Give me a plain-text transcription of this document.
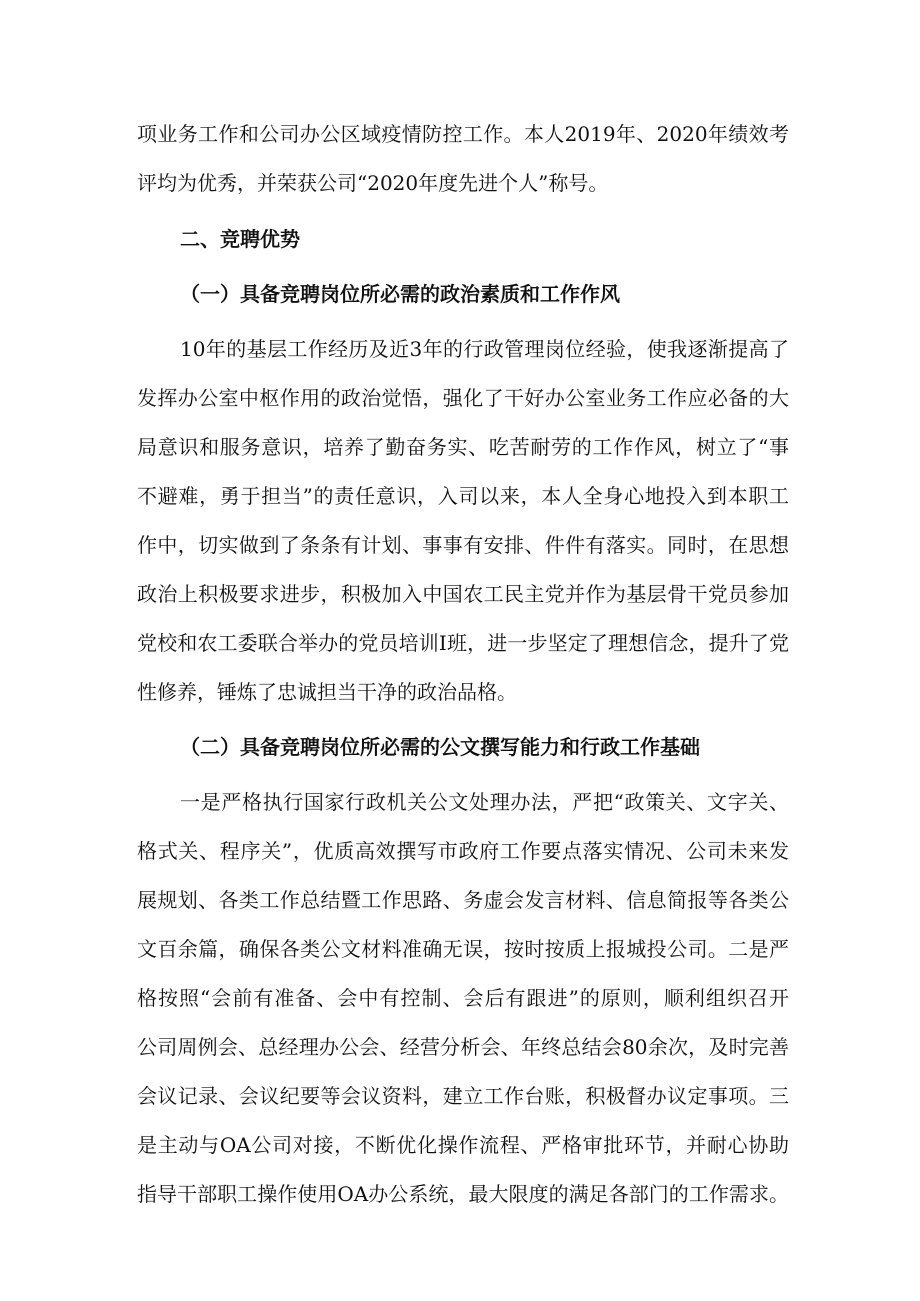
项业务工作和公司办公区域疫情防控工作。本人2019年、2020年绩效考
评均为优秀，并荣获公司“2020年度先进个人”称号。
二、竞聘优势
（一）具备竞聘岗位所必需的政治素质和工作作风
10年的基层工作经历及近3年的行政管理岗位经验，使我逐渐提高了
发挥办公室中枢作用的政治觉悟，强化了干好办公室业务工作应必备的大
局意识和服务意识，培养了勤奋务实、吃苦耐劳的工作作风，树立了“事
不避难，勇于担当”的责任意识，入司以来，本人全身心地投入到本职工
作中，切实做到了条条有计划、事事有安排、件件有落实。同时，在思想
政治上积极要求进步，积极加入中国农工民主党并作为基层骨干党员参加
党校和农工委联合举办的党员培训I班，进一步坚定了理想信念，提升了党
性修养，锤炼了忠诚担当干净的政治品格。
（二）具备竞聘岗位所必需的公文撰写能力和行政工作基础
一是严格执行国家行政机关公文处理办法，严把“政策关、文字关、
格式关、程序关”，优质高效撰写市政府工作要点落实情况、公司未来发
展规划、各类工作总结暨工作思路、务虚会发言材料、信息简报等各类公
文百余篇，确保各类公文材料准确无误，按时按质上报城投公司。二是严
格按照“会前有准备、会中有控制、会后有跟进”的原则，顺利组织召开
公司周例会、总经理办公会、经营分析会、年终总结会80余次，及时完善
会议记录、会议纪要等会议资料，建立工作台账，积极督办议定事项。三
是主动与OA公司对接，不断优化操作流程、严格审批环节，并耐心协助
指导干部职工操作使用OA办公系统，最大限度的满足各部门的工作需求。
